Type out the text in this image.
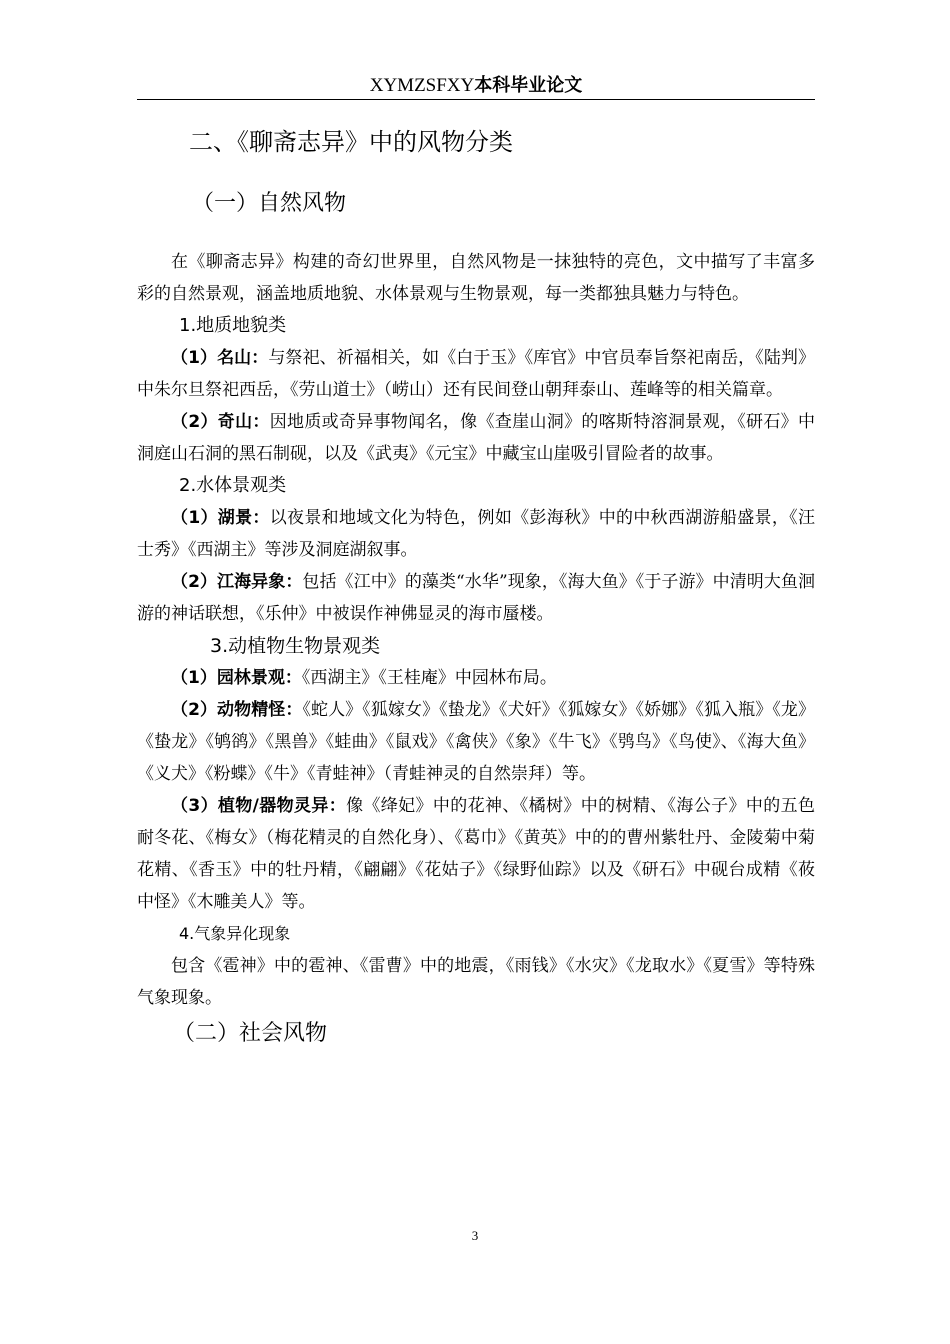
XYMZSFXY本科毕业论文
二、《聊斋志异》中的风物分类
（一）自然风物

在《聊斋志异》构建的奇幻世界里，自然风物是一抹独特的亮色，文中描写了丰富多彩的自然景观，涵盖地质地貌、水体景观与生物景观，每一类都独具魅力与特色。

1.地质地貌类

（1）名山：与祭祀、祈福相关，如《白于玉》《库官》中官员奉旨祭祀南岳，《陆判》中朱尔旦祭祀西岳，《劳山道士》（崂山）还有民间登山朝拜泰山、莲峰等的相关篇章。

（2）奇山：因地质或奇异事物闻名，像《查崖山洞》的喀斯特溶洞景观，《研石》中洞庭山石洞的黑石制砚，以及《武夷》《元宝》中藏宝山崖吸引冒险者的故事。

2.水体景观类

（1）湖景：以夜景和地域文化为特色，例如《彭海秋》中的中秋西湖游船盛景，《汪士秀》《西湖主》等涉及洞庭湖叙事。

（2）江海异象：包括《江中》的藻类“水华”现象，《海大鱼》《于子游》中清明大鱼洄游的神话联想，《乐仲》中被误作神佛显灵的海市蜃楼。

3.动植物生物景观类

（1）园林景观：《西湖主》《王桂庵》中园林布局。

（2）动物精怪：《蛇人》《狐嫁女》《蛰龙》《犬奸》《狐嫁女》《娇娜》《狐入瓶》《龙》《蛰龙》《鸲鹆》《黑兽》《蛙曲》《鼠戏》《禽侠》《象》《牛飞》《鸮鸟》《鸟使》、《海大鱼》《义犬》《粉蝶》《牛》《青蛙神》（青蛙神灵的自然崇拜）等。

（3）植物/器物灵异：像《绛妃》中的花神、《橘树》中的树精、《海公子》中的五色耐冬花、《梅女》（梅花精灵的自然化身）、《葛巾》《黄英》中的的曹州紫牡丹、金陵菊中菊花精、《香玉》中的牡丹精，《翩翩》《花姑子》《绿野仙踪》以及《研石》中砚台成精《莜中怪》《木雕美人》等。

4.气象异化现象

包含《雹神》中的雹神、《雷曹》中的地震，《雨钱》《水灾》《龙取水》《夏雪》等特殊气象现象。

（二）社会风物
3
